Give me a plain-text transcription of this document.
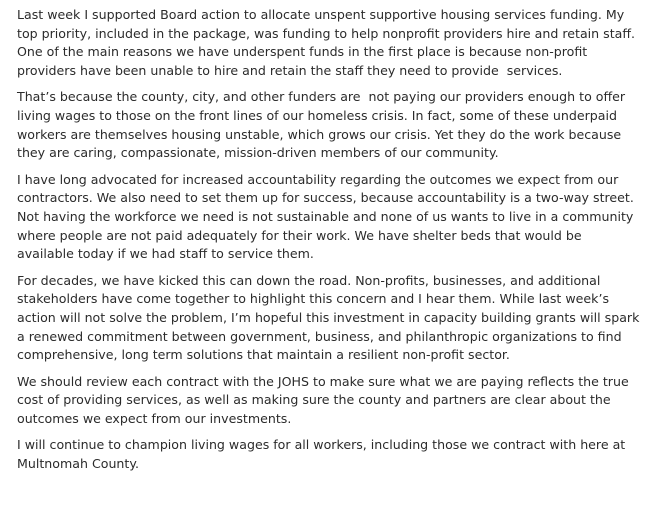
Last week I supported Board action to allocate unspent supportive housing services funding. My top priority, included in the package, was funding to help nonprofit providers hire and retain staff. One of the main reasons we have underspent funds in the first place is because non-profit providers have been unable to hire and retain the staff they need to provide  services.

That’s because the county, city, and other funders are  not paying our providers enough to offer living wages to those on the front lines of our homeless crisis. In fact, some of these underpaid workers are themselves housing unstable, which grows our crisis. Yet they do the work because they are caring, compassionate, mission-driven members of our community.

I have long advocated for increased accountability regarding the outcomes we expect from our contractors. We also need to set them up for success, because accountability is a two-way street. Not having the workforce we need is not sustainable and none of us wants to live in a community where people are not paid adequately for their work. We have shelter beds that would be available today if we had staff to service them.

For decades, we have kicked this can down the road. Non-profits, businesses, and additional stakeholders have come together to highlight this concern and I hear them. While last week’s action will not solve the problem, I’m hopeful this investment in capacity building grants will spark a renewed commitment between government, business, and philanthropic organizations to find comprehensive, long term solutions that maintain a resilient non-profit sector.

We should review each contract with the JOHS to make sure what we are paying reflects the true cost of providing services, as well as making sure the county and partners are clear about the outcomes we expect from our investments.

I will continue to champion living wages for all workers, including those we contract with here at Multnomah County.
